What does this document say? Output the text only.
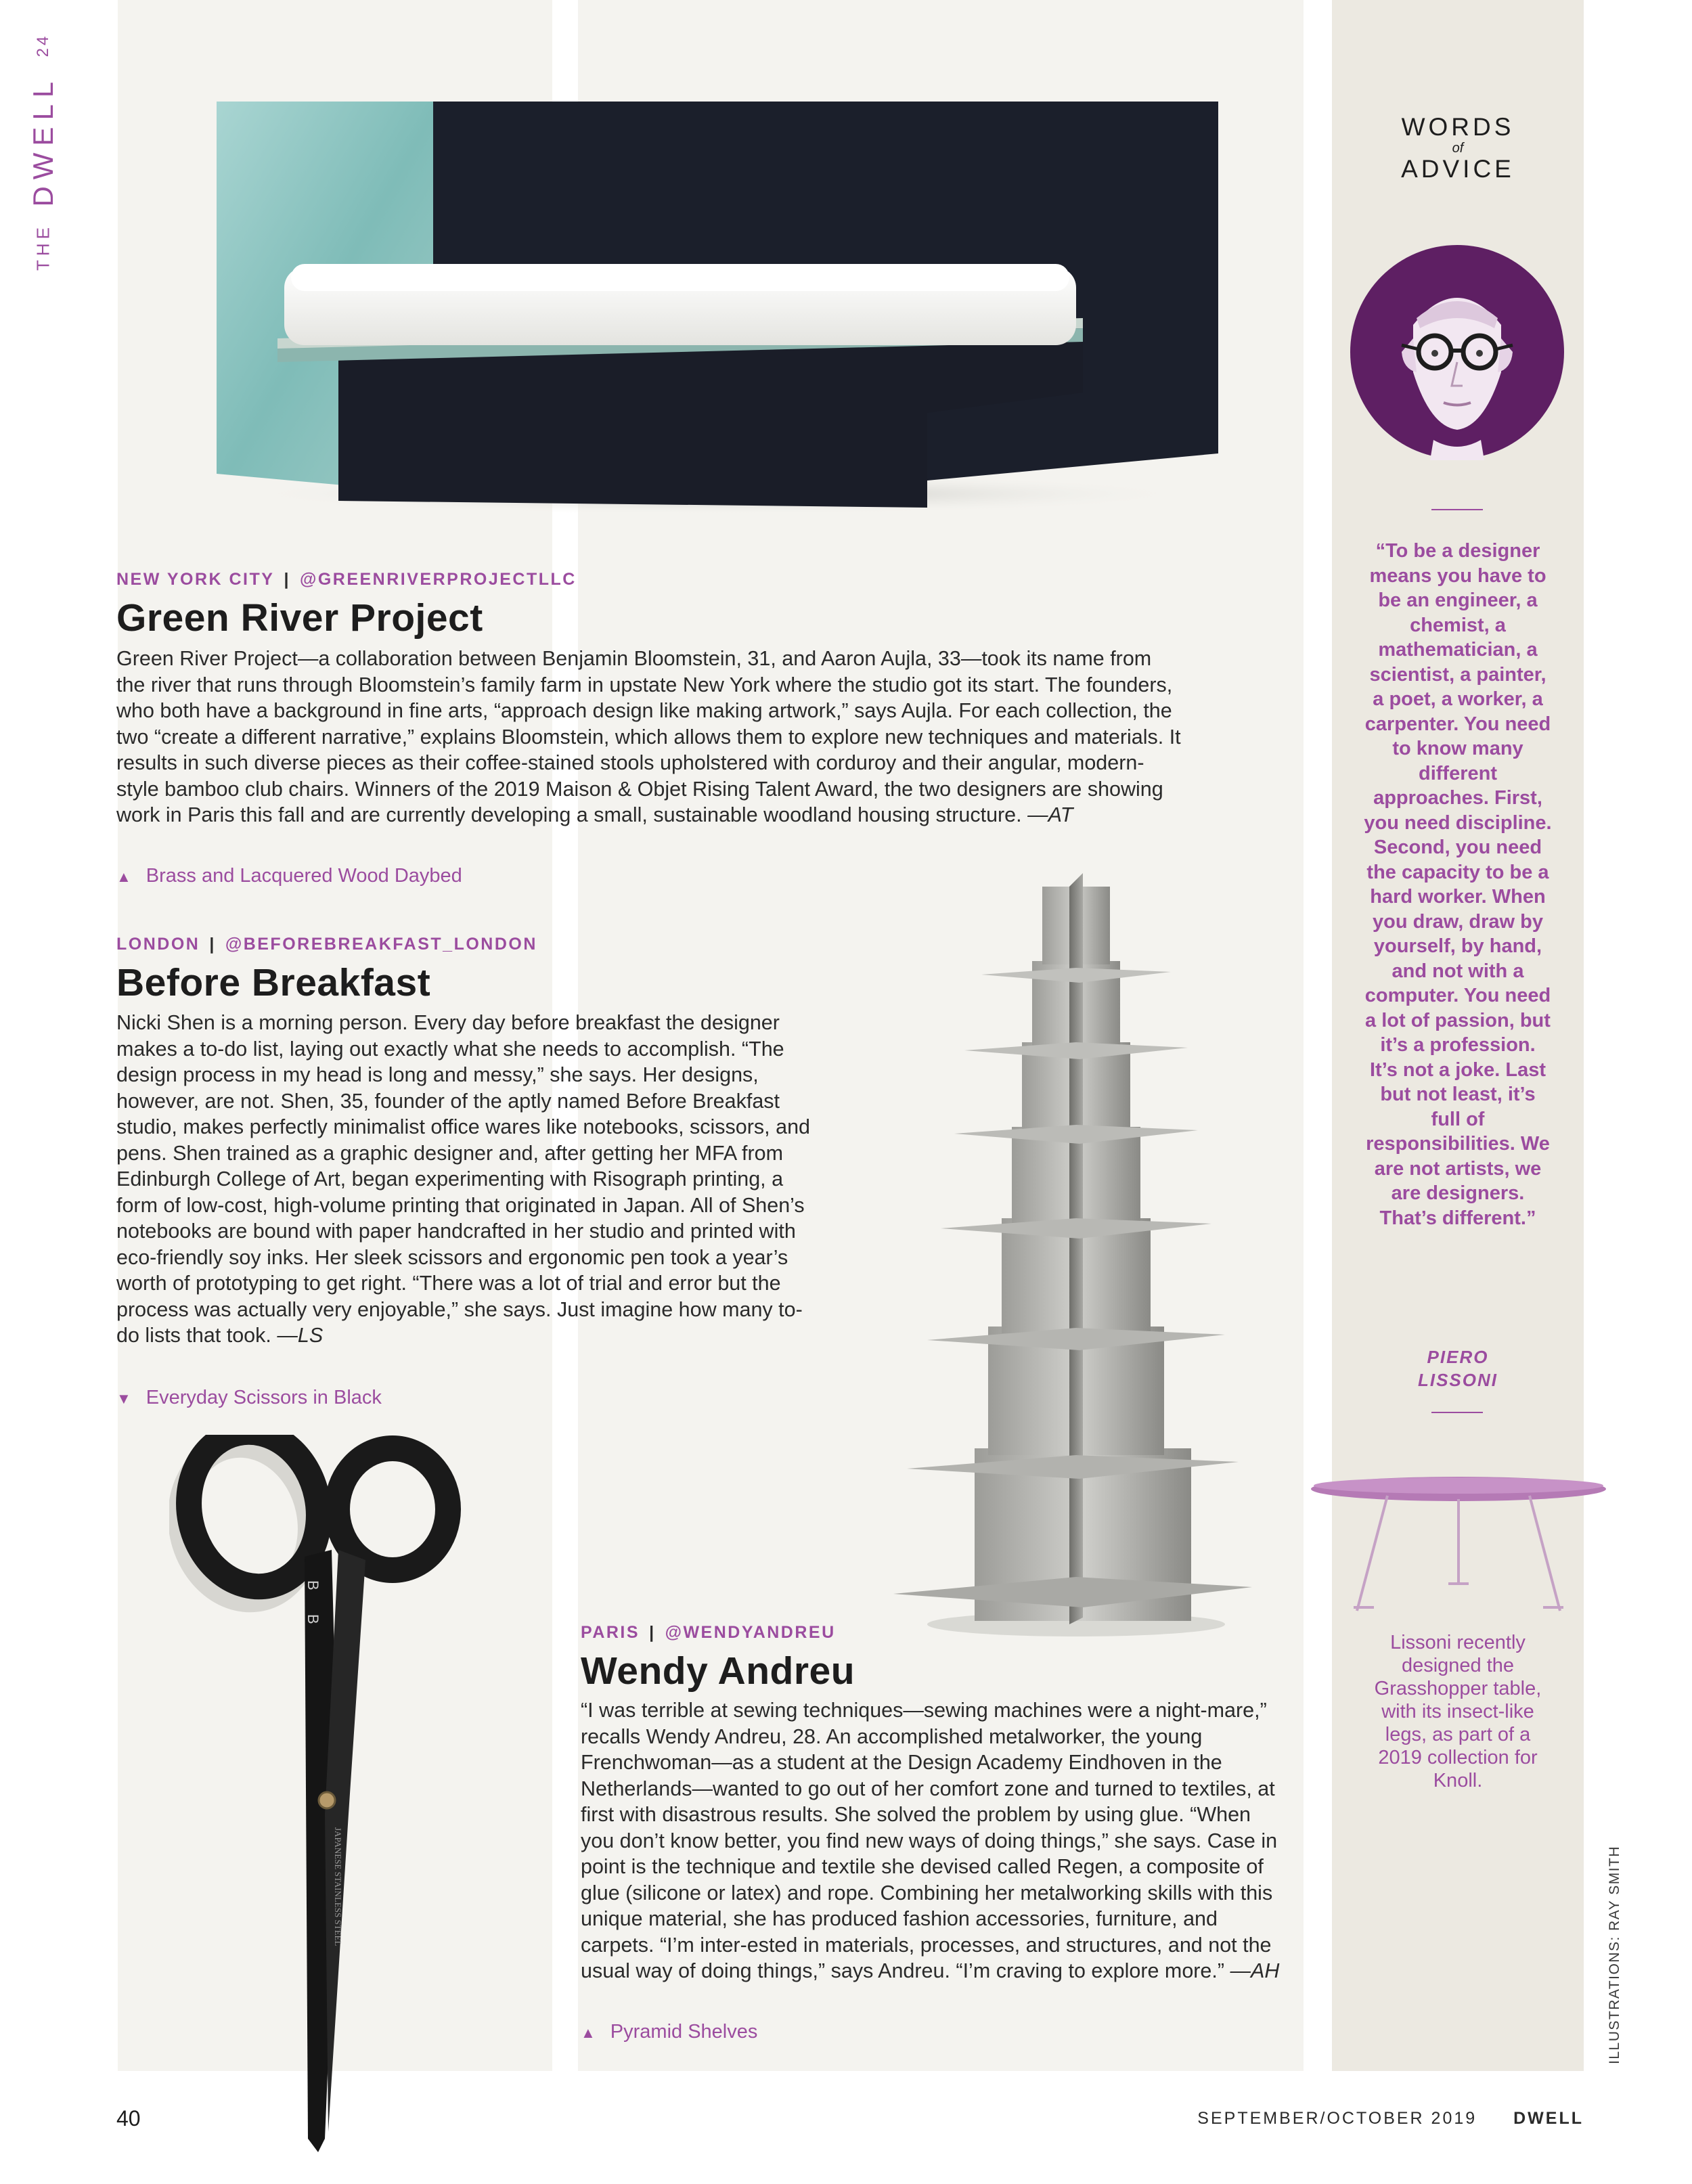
THE DWELL 24
NEW YORK CITY | @GREENRIVERPROJECTLLC
Green River Project
Green River Project—a collaboration between Benjamin Bloomstein, 31, and Aaron Aujla, 33—took its name from the river that runs through Bloomstein’s family farm in upstate New York where the studio got its start. The founders, who both have a background in fine arts, “approach design like making artwork,” says Aujla. For each collection, the two “create a different narrative,” explains Bloomstein, which allows them to explore new techniques and materials. It results in such diverse pieces as their coffee-stained stools upholstered with corduroy and their angular, modern-style bamboo club chairs. Winners of the 2019 Maison & Objet Rising Talent Award, the two designers are showing work in Paris this fall and are currently developing a small, sustainable woodland housing structure. —AT
▲ Brass and Lacquered Wood Daybed
LONDON | @BEFOREBREAKFAST_LONDON
Before Breakfast
Nicki Shen is a morning person. Every day before breakfast the designer makes a to-do list, laying out exactly what she needs to accomplish. “The design process in my head is long and messy,” she says. Her designs, however, are not. Shen, 35, founder of the aptly named Before Breakfast studio, makes perfectly minimalist office wares like notebooks, scissors, and pens. Shen trained as a graphic designer and, after getting her MFA from Edinburgh College of Art, began experimenting with Risograph printing, a form of low-cost, high-volume printing that originated in Japan. All of Shen’s notebooks are bound with paper handcrafted in her studio and printed with eco-friendly soy inks. Her sleek scissors and ergonomic pen took a year’s worth of prototyping to get right. “There was a lot of trial and error but the process was actually very enjoyable,” she says. Just imagine how many to-do lists that took. —LS
▼ Everyday Scissors in Black
B
B
JAPANESE STAINLESS STEEL
PARIS | @WENDYANDREU
Wendy Andreu
“I was terrible at sewing techniques—sewing machines were a night-mare,” recalls Wendy Andreu, 28. An accomplished metalworker, the young Frenchwoman—as a student at the Design Academy Eindhoven in the Netherlands—wanted to go out of her comfort zone and turned to textiles, at first with disastrous results. She solved the problem by using glue. “When you don’t know better, you find new ways of doing things,” she says. Case in point is the technique and textile she devised called Regen, a composite of glue (silicone or latex) and rope. Combining her metalworking skills with this unique material, she has produced fashion accessories, furniture, and carpets. “I’m inter-ested in materials, processes, and structures, and not the usual way of doing things,” says Andreu. “I’m craving to explore more.” —AH
▲ Pyramid Shelves
WORDS
of
ADVICE
“To be a designer means you have to be an engineer, a chemist, a mathematician, a scientist, a painter, a poet, a worker, a carpenter. You need to know many different approaches. First, you need discipline. Second, you need the capacity to be a hard worker. When you draw, draw by yourself, by hand, and not with a computer. You need a lot of passion, but it’s a profession. It’s not a joke. Last but not least, it’s full of responsibilities. We are not artists, we are designers. That’s different.”
PIERO
LISSONI
Lissoni recently designed the Grasshopper table, with its insect-like legs, as part of a 2019 collection for Knoll.
ILLUSTRATIONS: RAY SMITH
40	SEPTEMBER/OCTOBER 2019 DWELL
